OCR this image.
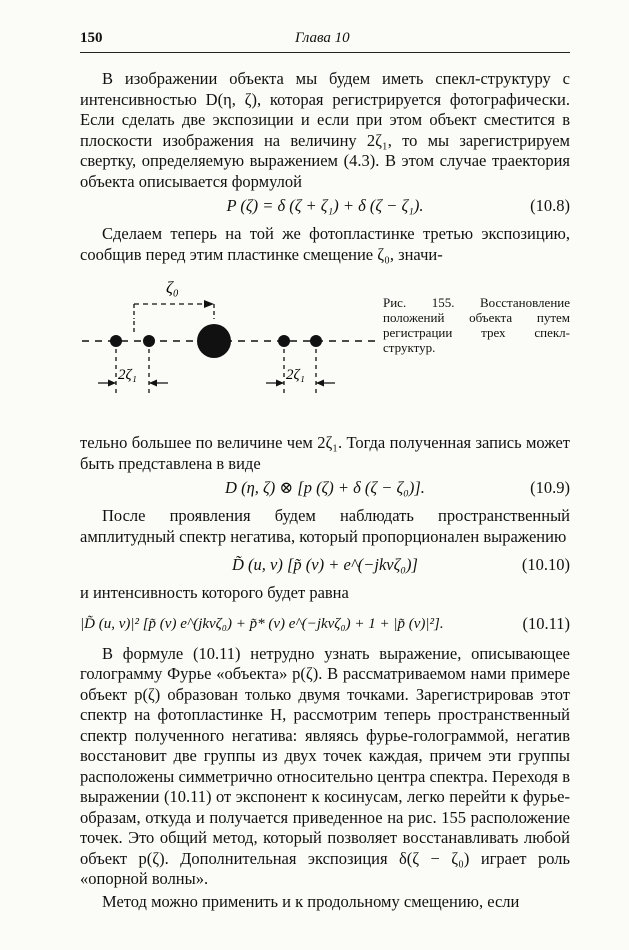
150	Глава 10

В изображении объекта мы будем иметь спекл-структуру с интенсивностью D(η, ζ), которая регистрируется фотографически. Если сделать две экспозиции и если при этом объект сместится в плоскости изображения на величину 2ζ₁, то мы зарегистрируем свертку, определяемую выражением (4.3). В этом случае траектория объекта описывается формулой

P (ζ) = δ (ζ + ζ₁) + δ (ζ − ζ₁).	(10.8)

Сделаем теперь на той же фотопластинке третью экспозицию, сообщив перед этим пластинке смещение ζ₀, значи-

ζ₀
2ζ₁	2ζ₁
Рис. 155. Восстановление положений объекта путем регистрации трех спекл-структур.

тельно большее по величине чем 2ζ₁. Тогда полученная запись может быть представлена в виде

D (η, ζ) ⊗ [p (ζ) + δ (ζ − ζ₀)].	(10.9)

После проявления будем наблюдать пространственный амплитудный спектр негатива, который пропорционален выражению

D̃ (u, v) [p̃ (v) + e^(−jkvζ₀)]	(10.10)

и интенсивность которого будет равна

|D̃ (u, v)|² [p̃ (v) e^(jkvζ₀) + p̃* (v) e^(−jkvζ₀) + 1 + |p̃ (v)|²].	(10.11)

В формуле (10.11) нетрудно узнать выражение, описывающее голограмму Фурье «объекта» p(ζ). В рассматриваемом нами примере объект p(ζ) образован только двумя точками. Зарегистрировав этот спектр на фотопластинке H, рассмотрим теперь пространственный спектр полученного негатива: являясь фурье-голограммой, негатив восстановит две группы из двух точек каждая, причем эти группы расположены симметрично относительно центра спектра. Переходя в выражении (10.11) от экспонент к косинусам, легко перейти к фурье-образам, откуда и получается приведенное на рис. 155 расположение точек. Это общий метод, который позволяет восстанавливать любой объект p(ζ). Дополнительная экспозиция δ(ζ − ζ₀) играет роль «опорной волны».

Метод можно применить и к продольному смещению, если
